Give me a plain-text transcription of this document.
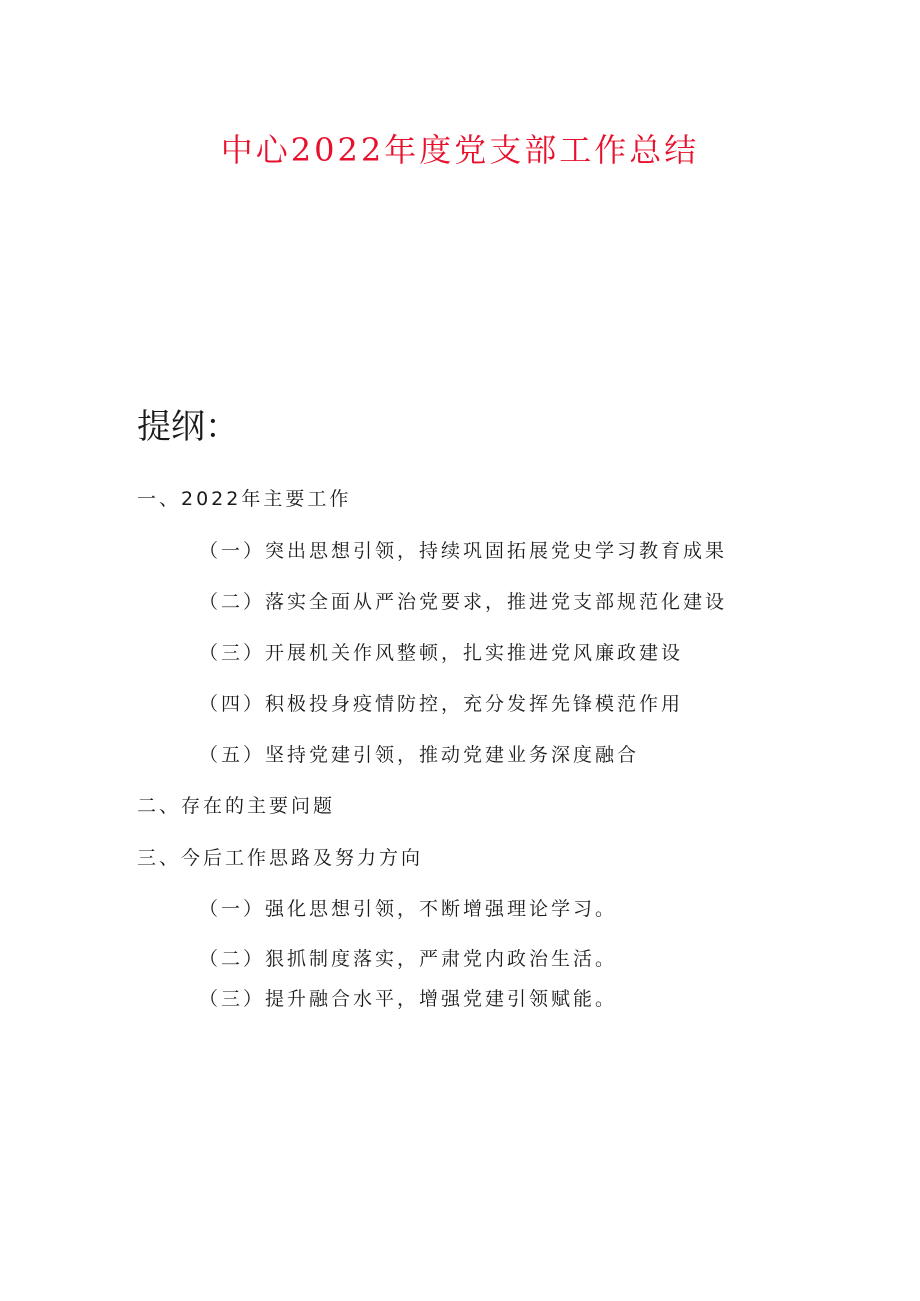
中心2022年度党支部工作总结
提纲：
一、2022年主要工作
（一）突出思想引领，持续巩固拓展党史学习教育成果
（二）落实全面从严治党要求，推进党支部规范化建设
（三）开展机关作风整顿，扎实推进党风廉政建设
（四）积极投身疫情防控，充分发挥先锋模范作用
（五）坚持党建引领，推动党建业务深度融合
二、存在的主要问题
三、今后工作思路及努力方向
（一）强化思想引领，不断增强理论学习。
（二）狠抓制度落实，严肃党内政治生活。
（三）提升融合水平，增强党建引领赋能。
